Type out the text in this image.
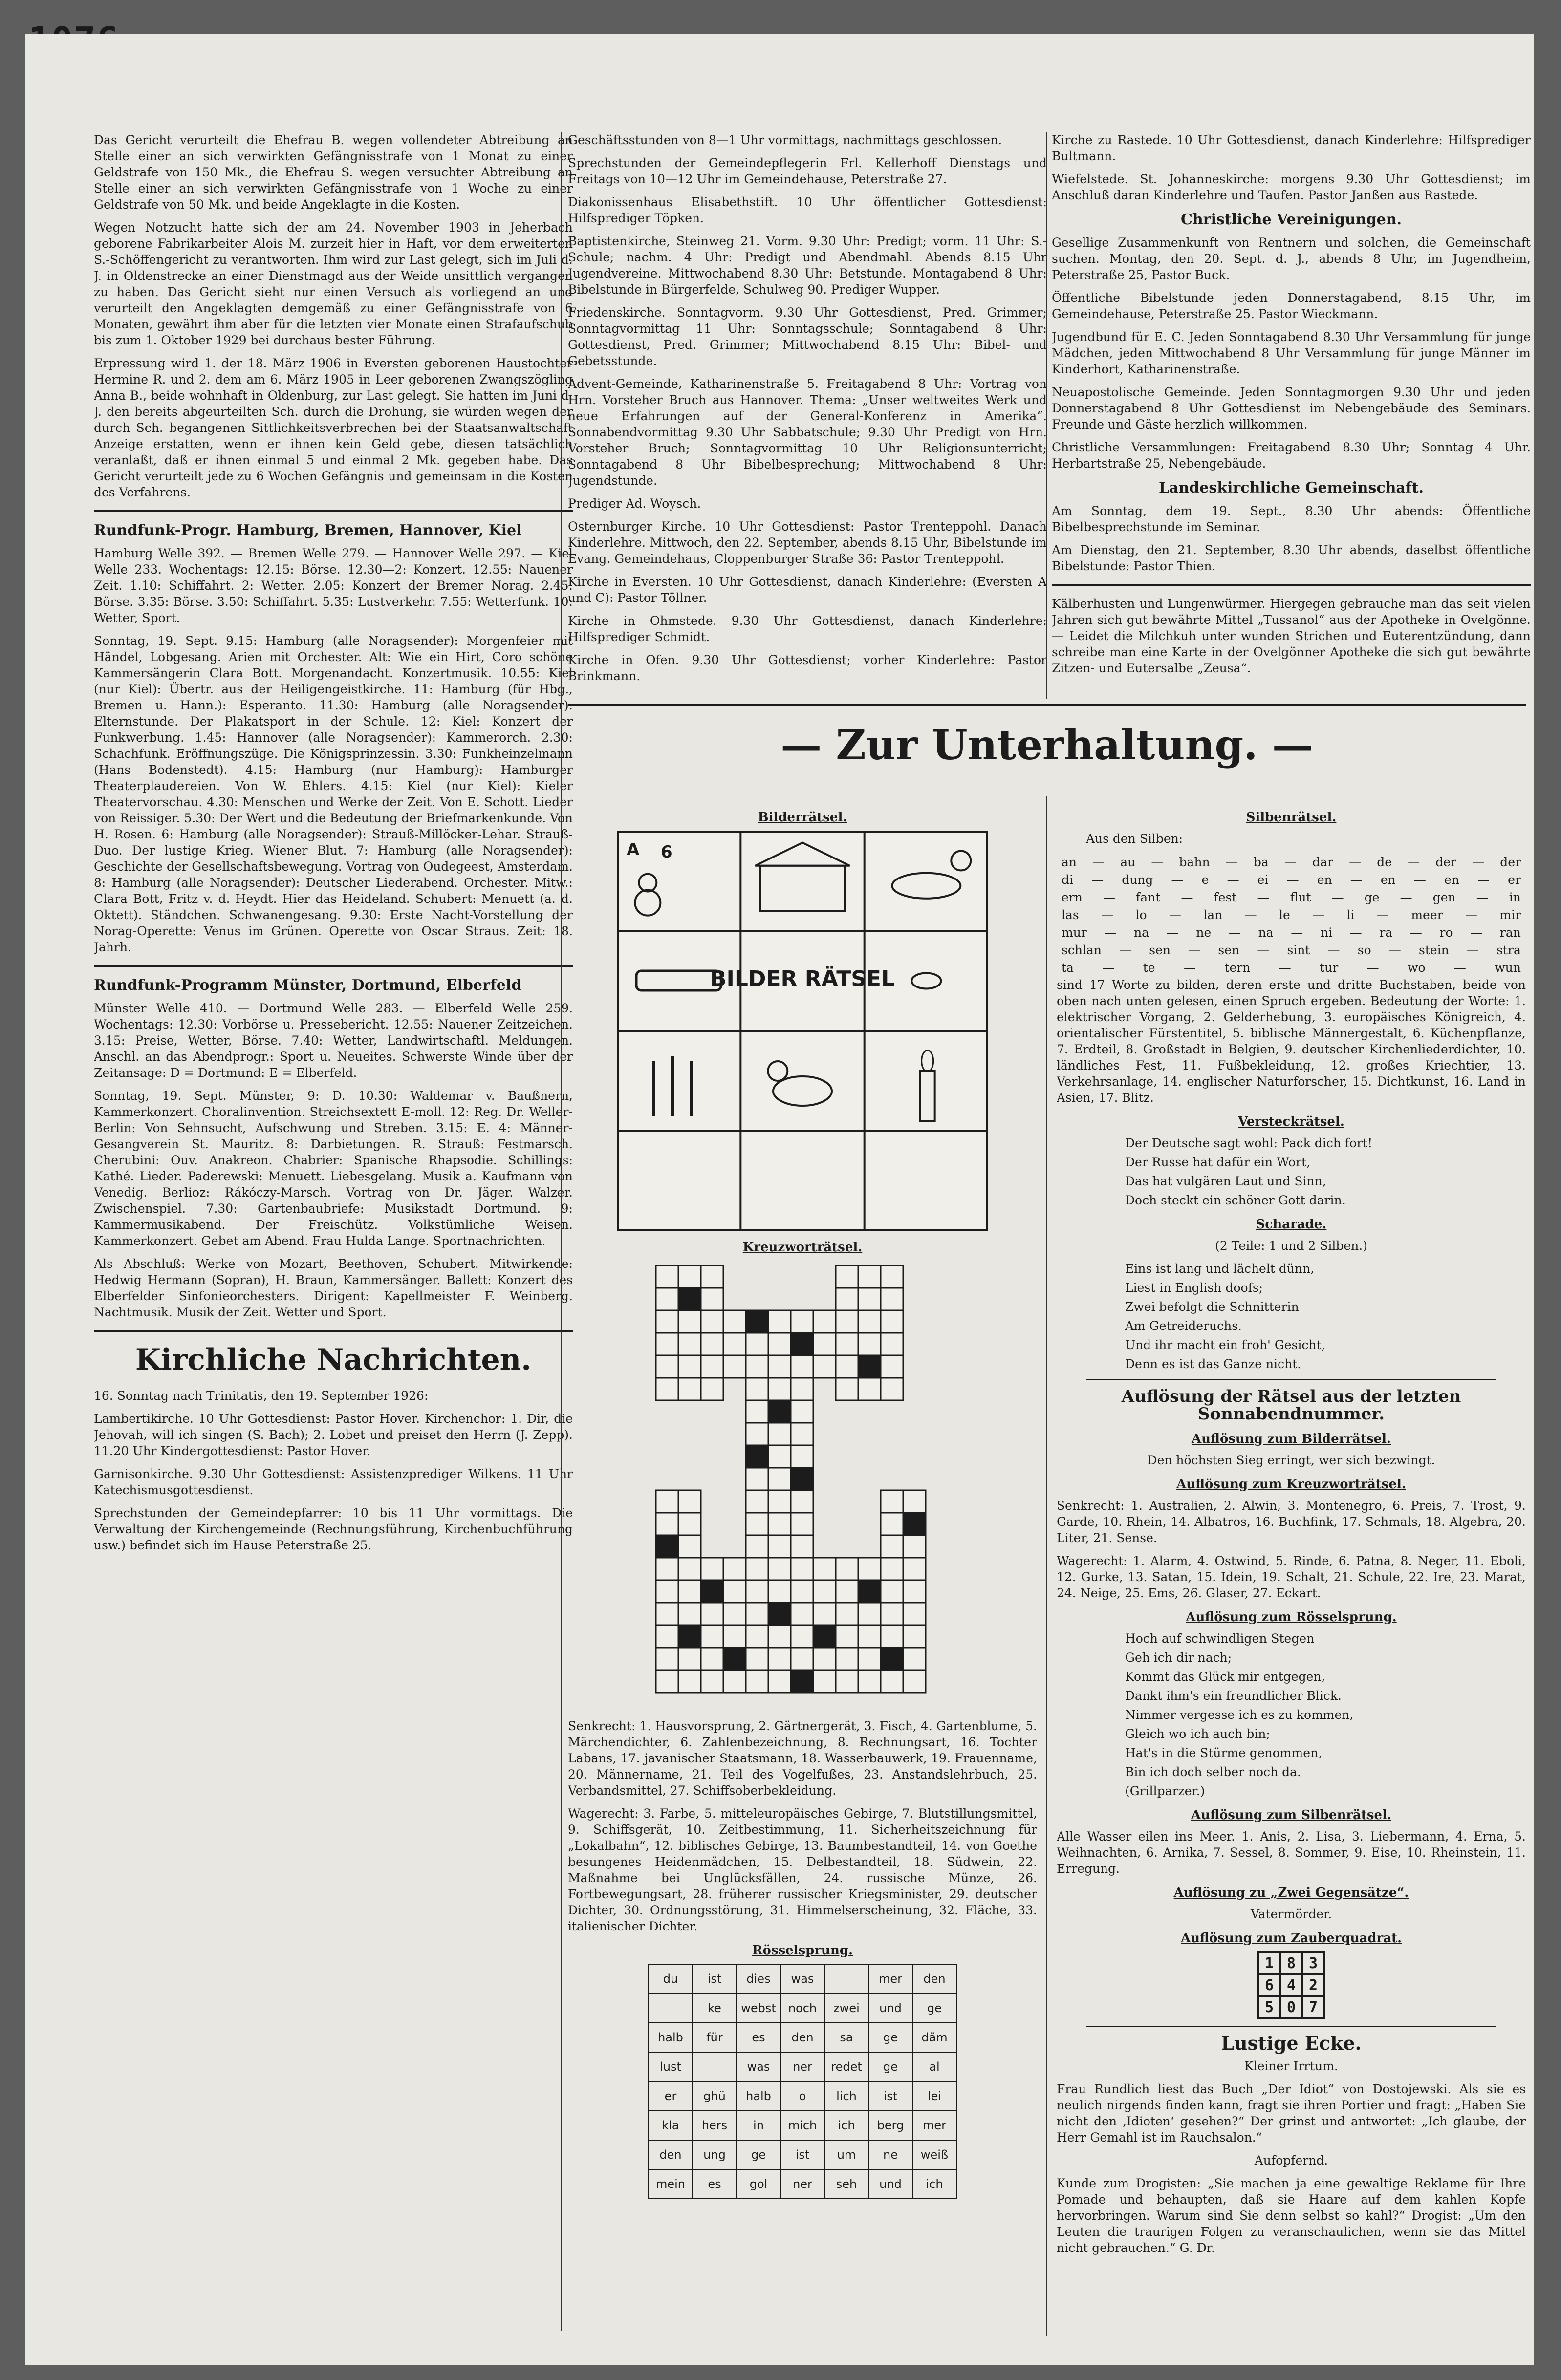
Das Gericht verurteilt die Ehefrau B. wegen vollendeter Abtreibung an Stelle einer an sich verwirkten Gefängnisstrafe von 1 Monat zu einer Geldstrafe von 150 Mk., die Ehefrau S. wegen versuchter Abtreibung an Stelle einer an sich verwirkten Gefängnisstrafe von 1 Woche zu einer Geldstrafe von 50 Mk. und beide Angeklagte in die Kosten.
Wegen Notzucht hatte sich der am 24. November 1903 in Jeherbach geborene Fabrikarbeiter Alois M. zurzeit hier in Haft, vor dem erweiterten S.-Schöffengericht zu verantworten. Ihm wird zur Last gelegt, sich im Juli d. J. in Oldenstrecke an einer Dienstmagd aus der Weide unsittlich vergangen zu haben. Das Gericht sieht nur einen Versuch als vorliegend an und verurteilt den Angeklagten demgemäß zu einer Gefängnisstrafe von 6 Monaten, gewährt ihm aber für die letzten vier Monate einen Strafaufschub bis zum 1. Oktober 1929 bei durchaus bester Führung.
Erpressung wird 1. der 18. März 1906 in Eversten geborenen Haustochter Hermine R. und 2. dem am 6. März 1905 in Leer geborenen Zwangszögling Anna B., beide wohnhaft in Oldenburg, zur Last gelegt. Sie hatten im Juni d. J. den bereits abgeurteilten Sch. durch die Drohung, sie würden wegen der durch Sch. begangenen Sittlichkeitsverbrechen bei der Staatsanwaltschaft Anzeige erstatten, wenn er ihnen kein Geld gebe, diesen tatsächlich veranlaßt, daß er ihnen einmal 5 und einmal 2 Mk. gegeben habe. Das Gericht verurteilt jede zu 6 Wochen Gefängnis und gemeinsam in die Kosten des Verfahrens.
Rundfunk-Progr. Hamburg, Bremen, Hannover, Kiel
Hamburg Welle 392. — Bremen Welle 279. — Hannover Welle 297. — Kiel Welle 233. Wochentags: 12.15: Börse. 12.30—2: Konzert. 12.55: Nauener Zeit. 1.10: Schiffahrt. 2: Wetter. 2.05: Konzert der Bremer Norag. 2.45: Börse. 3.35: Börse. 3.50: Schiffahrt. 5.35: Lustverkehr. 7.55: Wetterfunk. 10: Wetter, Sport.
Sonntag, 19. Sept. 9.15: Hamburg (alle Noragsender): Morgenfeier mit Händel, Lobgesang. Arien mit Orchester. Alt: Wie ein Hirt, Coro schöne Kammersängerin Clara Bott. Morgenandacht. Konzertmusik. 10.55: Kiel (nur Kiel): Übertr. aus der Heiligengeistkirche. 11: Hamburg (für Hbg., Bremen u. Hann.): Esperanto. 11.30: Hamburg (alle Noragsender): Elternstunde. Der Plakatsport in der Schule. 12: Kiel: Konzert der Funkwerbung. 1.45: Hannover (alle Noragsender): Kammerorch. 2.30: Schachfunk. Eröffnungszüge. Die Königsprinzessin. 3.30: Funkheinzelmann (Hans Bodenstedt). 4.15: Hamburg (nur Hamburg): Hamburger Theaterplaudereien. Von W. Ehlers. 4.15: Kiel (nur Kiel): Kieler Theatervorschau. 4.30: Menschen und Werke der Zeit. Von E. Schott. Lieder von Reissiger. 5.30: Der Wert und die Bedeutung der Briefmarkenkunde. Von H. Rosen. 6: Hamburg (alle Noragsender): Strauß-Millöcker-Lehar. Strauß-Duo. Der lustige Krieg. Wiener Blut. 7: Hamburg (alle Noragsender): Geschichte der Gesellschaftsbewegung. Vortrag von Oudegeest, Amsterdam. 8: Hamburg (alle Noragsender): Deutscher Liederabend. Orchester. Mitw.: Clara Bott, Fritz v. d. Heydt. Hier das Heideland. Schubert: Menuett (a. d. Oktett). Ständchen. Schwanengesang. 9.30: Erste Nacht-Vorstellung der Norag-Operette: Venus im Grünen. Operette von Oscar Straus. Zeit: 18. Jahrh.
Rundfunk-Programm Münster, Dortmund, Elberfeld
Münster Welle 410. — Dortmund Welle 283. — Elberfeld Welle 259. Wochentags: 12.30: Vorbörse u. Pressebericht. 12.55: Nauener Zeitzeichen. 3.15: Preise, Wetter, Börse. 7.40: Wetter, Landwirtschaftl. Meldungen. Anschl. an das Abendprogr.: Sport u. Neueites. Schwerste Winde über der Zeitansage: D = Dortmund: E = Elberfeld.
Sonntag, 19. Sept. Münster, 9: D. 10.30: Waldemar v. Baußnern, Kammerkonzert. Choralinvention. Streichsextett E-moll. 12: Reg. Dr. Weller-Berlin: Von Sehnsucht, Aufschwung und Streben. 3.15: E. 4: Männer-Gesangverein St. Mauritz. 8: Darbietungen. R. Strauß: Festmarsch. Cherubini: Ouv. Anakreon. Chabrier: Spanische Rhapsodie. Schillings: Kathé. Lieder. Paderewski: Menuett. Liebesgelang. Musik a. Kaufmann von Venedig. Berlioz: Rákóczy-Marsch. Vortrag von Dr. Jäger. Walzer. Zwischenspiel. 7.30: Gartenbaubriefe: Musikstadt Dortmund. 9: Kammermusikabend. Der Freischütz. Volkstümliche Weisen. Kammerkonzert. Gebet am Abend. Frau Hulda Lange. Sportnachrichten.
Als Abschluß: Werke von Mozart, Beethoven, Schubert. Mitwirkende: Hedwig Hermann (Sopran), H. Braun, Kammersänger. Ballett: Konzert des Elberfelder Sinfonieorchesters. Dirigent: Kapellmeister F. Weinberg. Nachtmusik. Musik der Zeit. Wetter und Sport.
Kirchliche Nachrichten.
16. Sonntag nach Trinitatis, den 19. September 1926:
Lambertikirche. 10 Uhr Gottesdienst: Pastor Hover. Kirchenchor: 1. Dir, die Jehovah, will ich singen (S. Bach); 2. Lobet und preiset den Herrn (J. Zepp). 11.20 Uhr Kindergottesdienst: Pastor Hover.
Garnisonkirche. 9.30 Uhr Gottesdienst: Assistenzprediger Wilkens. 11 Uhr Katechismusgottesdienst.
Sprechstunden der Gemeindepfarrer: 10 bis 11 Uhr vormittags. Die Verwaltung der Kirchengemeinde (Rechnungsführung, Kirchenbuchführung usw.) befindet sich im Hause Peterstraße 25.
Geschäftsstunden von 8—1 Uhr vormittags, nachmittags geschlossen.
Sprechstunden der Gemeindepflegerin Frl. Kellerhoff Dienstags und Freitags von 10—12 Uhr im Gemeindehause, Peterstraße 27.
Diakonissenhaus Elisabethstift. 10 Uhr öffentlicher Gottesdienst: Hilfsprediger Töpken.
Baptistenkirche, Steinweg 21. Vorm. 9.30 Uhr: Predigt; vorm. 11 Uhr: S.-Schule; nachm. 4 Uhr: Predigt und Abendmahl. Abends 8.15 Uhr Jugendvereine. Mittwochabend 8.30 Uhr: Betstunde. Montagabend 8 Uhr: Bibelstunde in Bürgerfelde, Schulweg 90. Prediger Wupper.
Friedenskirche. Sonntagvorm. 9.30 Uhr Gottesdienst, Pred. Grimmer; Sonntagvormittag 11 Uhr: Sonntagsschule; Sonntagabend 8 Uhr: Gottesdienst, Pred. Grimmer; Mittwochabend 8.15 Uhr: Bibel- und Gebetsstunde.
Advent-Gemeinde, Katharinenstraße 5. Freitagabend 8 Uhr: Vortrag von Hrn. Vorsteher Bruch aus Hannover. Thema: „Unser weltweites Werk und neue Erfahrungen auf der General-Konferenz in Amerika“. Sonnabendvormittag 9.30 Uhr Sabbatschule; 9.30 Uhr Predigt von Hrn. Vorsteher Bruch; Sonntagvormittag 10 Uhr Religionsunterricht; Sonntagabend 8 Uhr Bibelbesprechung; Mittwochabend 8 Uhr: Jugendstunde.
Prediger Ad. Woysch.
Osternburger Kirche. 10 Uhr Gottesdienst: Pastor Trenteppohl. Danach Kinderlehre. Mittwoch, den 22. September, abends 8.15 Uhr, Bibelstunde im Evang. Gemeindehaus, Cloppenburger Straße 36: Pastor Trenteppohl.
Kirche in Eversten. 10 Uhr Gottesdienst, danach Kinderlehre: (Eversten A und C): Pastor Töllner.
Kirche in Ohmstede. 9.30 Uhr Gottesdienst, danach Kinderlehre: Hilfsprediger Schmidt.
Kirche in Ofen. 9.30 Uhr Gottesdienst; vorher Kinderlehre: Pastor Brinkmann.
Kirche zu Rastede. 10 Uhr Gottesdienst, danach Kinderlehre: Hilfsprediger Bultmann.
Wiefelstede. St. Johanneskirche: morgens 9.30 Uhr Gottesdienst; im Anschluß daran Kinderlehre und Taufen. Pastor Janßen aus Rastede.
Christliche Vereinigungen.
Gesellige Zusammenkunft von Rentnern und solchen, die Gemeinschaft suchen. Montag, den 20. Sept. d. J., abends 8 Uhr, im Jugendheim, Peterstraße 25, Pastor Buck.
Öffentliche Bibelstunde jeden Donnerstagabend, 8.15 Uhr, im Gemeindehause, Peterstraße 25. Pastor Wieckmann.
Jugendbund für E. C. Jeden Sonntagabend 8.30 Uhr Versammlung für junge Mädchen, jeden Mittwochabend 8 Uhr Versammlung für junge Männer im Kinderhort, Katharinenstraße.
Neuapostolische Gemeinde. Jeden Sonntagmorgen 9.30 Uhr und jeden Donnerstagabend 8 Uhr Gottesdienst im Nebengebäude des Seminars. Freunde und Gäste herzlich willkommen.
Christliche Versammlungen: Freitagabend 8.30 Uhr; Sonntag 4 Uhr. Herbartstraße 25, Nebengebäude.
Landeskirchliche Gemeinschaft.
Am Sonntag, dem 19. Sept., 8.30 Uhr abends: Öffentliche Bibelbesprechstunde im Seminar.
Am Dienstag, den 21. September, 8.30 Uhr abends, daselbst öffentliche Bibelstunde: Pastor Thien.
Kälberhusten und Lungenwürmer. Hiergegen gebrauche man das seit vielen Jahren sich gut bewährte Mittel „Tussanol“ aus der Apotheke in Ovelgönne. — Leidet die Milchkuh unter wunden Strichen und Euterentzündung, dann schreibe man eine Karte in der Ovelgönner Apotheke die sich gut bewährte Zitzen- und Eutersalbe „Zeusa“.
— Zur Unterhaltung. —
Bilderrätsel.
A 6
Schnee
Schule
Hund
Riegel
BILDER RÄTSEL
Auge
Hand	Katze	Kerze
Kreuzworträtsel.
Senkrecht: 1. Hausvorsprung, 2. Gärtnergerät, 3. Fisch, 4. Gartenblume, 5. Märchendichter, 6. Zahlenbezeichnung, 8. Rechnungsart, 16. Tochter Labans, 17. javanischer Staatsmann, 18. Wasserbauwerk, 19. Frauenname, 20. Männername, 21. Teil des Vogelfußes, 23. Anstandslehrbuch, 25. Verbandsmittel, 27. Schiffsoberbekleidung.
Wagerecht: 3. Farbe, 5. mitteleuropäisches Gebirge, 7. Blutstillungsmittel, 9. Schiffsgerät, 10. Zeitbestimmung, 11. Sicherheitszeichnung für „Lokalbahn“, 12. biblisches Gebirge, 13. Baumbestandteil, 14. von Goethe besungenes Heidenmädchen, 15. Delbestandteil, 18. Südwein, 22. Maßnahme bei Unglücksfällen, 24. russische Münze, 26. Fortbewegungsart, 28. früherer russischer Kriegsminister, 29. deutscher Dichter, 30. Ordnungsstörung, 31. Himmelserscheinung, 32. Fläche, 33. italienischer Dichter.
Rösselsprung.
du	ist	dies	was		mer	den
	ke	webst	noch	zwei	und	ge
halb	für	es	den	sa	ge	däm
lust		was	ner	redet	ge	al
er	ghü	halb	o	lich	ist	lei
kla	hers	in	mich	ich	berg	mer
den	ung	ge	ist	um	ne	weiß
mein	es	gol	ner	seh	und	ich
Silbenrätsel.
Aus den Silben:
an — au — bahn — ba — dar — de — der — der
di — dung — e — ei — en — en — en — er
ern — fant — fest — flut — ge — gen — in
las — lo — lan — le — li — meer — mir
mur — na — ne — na — ni — ra — ro — ran
schlan — sen — sen — sint — so — stein — stra
ta — te — tern — tur — wo — wun
sind 17 Worte zu bilden, deren erste und dritte Buchstaben, beide von oben nach unten gelesen, einen Spruch ergeben. Bedeutung der Worte: 1. elektrischer Vorgang, 2. Gelderhebung, 3. europäisches Königreich, 4. orientalischer Fürstentitel, 5. biblische Männergestalt, 6. Küchenpflanze, 7. Erdteil, 8. Großstadt in Belgien, 9. deutscher Kirchenliederdichter, 10. ländliches Fest, 11. Fußbekleidung, 12. großes Kriechtier, 13. Verkehrsanlage, 14. englischer Naturforscher, 15. Dichtkunst, 16. Land in Asien, 17. Blitz.
Versteckrätsel.
Der Deutsche sagt wohl: Pack dich fort!
Der Russe hat dafür ein Wort,
Das hat vulgären Laut und Sinn,
Doch steckt ein schöner Gott darin.
Scharade.
(2 Teile: 1 und 2 Silben.)
Eins ist lang und lächelt dünn,
Liest in English doofs;
Zwei befolgt die Schnitterin
Am Getreideruchs.
Und ihr macht ein froh' Gesicht,
Denn es ist das Ganze nicht.
Auflösung der Rätsel aus der letzten Sonnabendnummer.
Auflösung zum Bilderrätsel.
Den höchsten Sieg erringt, wer sich bezwingt.
Auflösung zum Kreuzworträtsel.
Senkrecht: 1. Australien, 2. Alwin, 3. Montenegro, 6. Preis, 7. Trost, 9. Garde, 10. Rhein, 14. Albatros, 16. Buchfink, 17. Schmals, 18. Algebra, 20. Liter, 21. Sense.
Wagerecht: 1. Alarm, 4. Ostwind, 5. Rinde, 6. Patna, 8. Neger, 11. Eboli, 12. Gurke, 13. Satan, 15. Idein, 19. Schalt, 21. Schule, 22. Ire, 23. Marat, 24. Neige, 25. Ems, 26. Glaser, 27. Eckart.
Auflösung zum Rösselsprung.
Hoch auf schwindligen Stegen
Geh ich dir nach;
Kommt das Glück mir entgegen,
Dankt ihm's ein freundlicher Blick.
Nimmer vergesse ich es zu kommen,
Gleich wo ich auch bin;
Hat's in die Stürme genommen,
Bin ich doch selber noch da.
(Grillparzer.)
Auflösung zum Silbenrätsel.
Alle Wasser eilen ins Meer. 1. Anis, 2. Lisa, 3. Liebermann, 4. Erna, 5. Weihnachten, 6. Arnika, 7. Sessel, 8. Sommer, 9. Eise, 10. Rheinstein, 11. Erregung.
Auflösung zu „Zwei Gegensätze“.
Vatermörder.
Auflösung zum Zauberquadrat.
1	8	3
6	4	2
5	0	7
Lustige Ecke.
Kleiner Irrtum.
Frau Rundlich liest das Buch „Der Idiot“ von Dostojewski. Als sie es neulich nirgends finden kann, fragt sie ihren Portier und fragt: „Haben Sie nicht den ‚Idioten‘ gesehen?“ Der grinst und antwortet: „Ich glaube, der Herr Gemahl ist im Rauchsalon.“
Aufopfernd.
Kunde zum Drogisten: „Sie machen ja eine gewaltige Reklame für Ihre Pomade und behaupten, daß sie Haare auf dem kahlen Kopfe hervorbringen. Warum sind Sie denn selbst so kahl?“ Drogist: „Um den Leuten die traurigen Folgen zu veranschaulichen, wenn sie das Mittel nicht gebrauchen.“ G. Dr.
